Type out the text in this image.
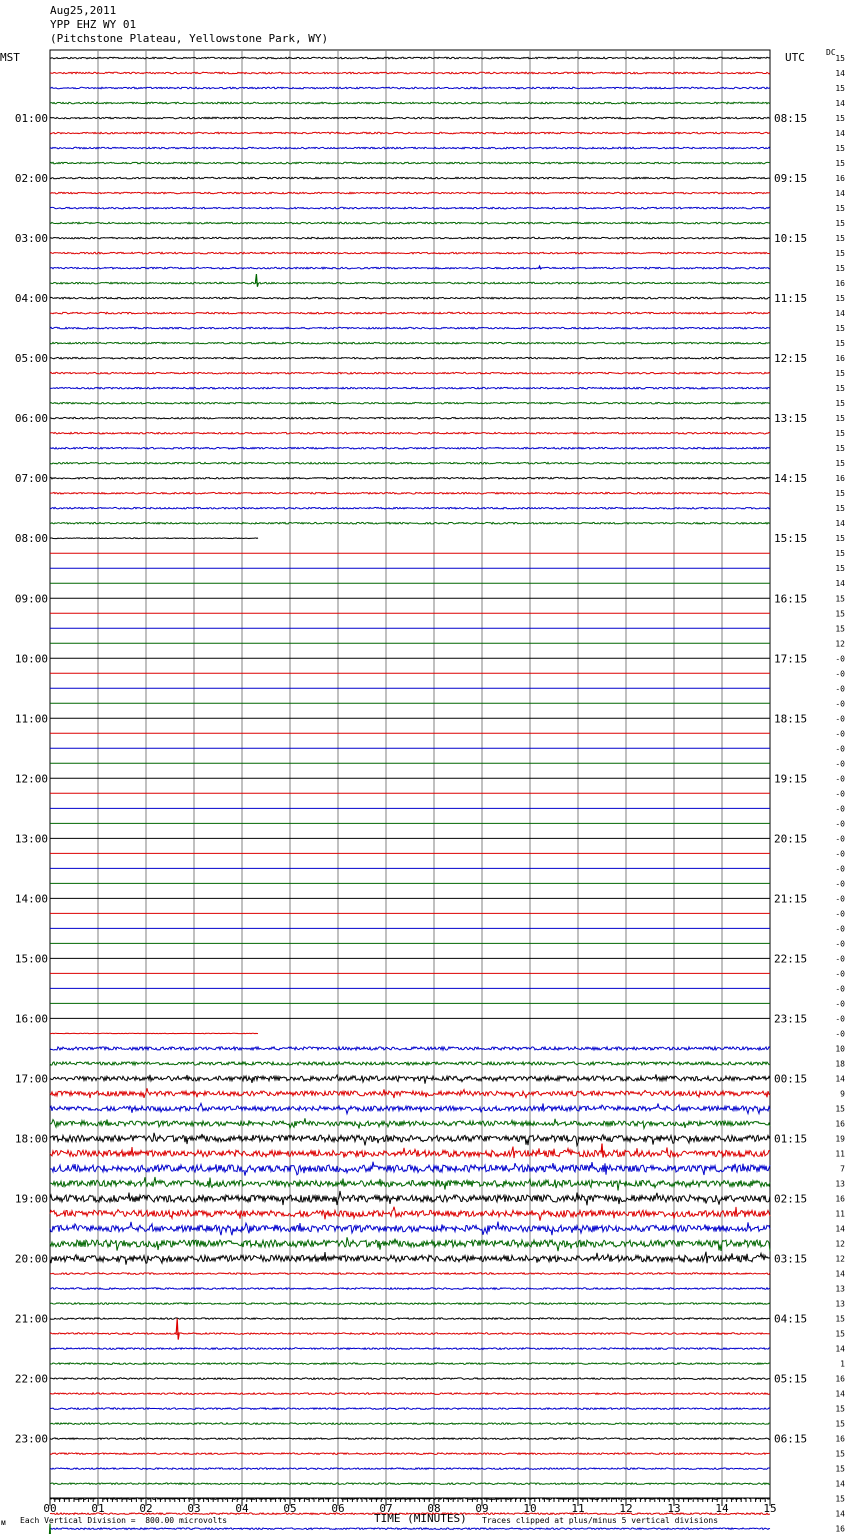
Aug25,2011
YPP EHZ WY 01
(Pitchstone Plateau, Yellowstone Park, WY)
00	01	02	03	04	05	06	07	08	09	10	11	12	13	14	15
01:00
02:00
03:00
04:00
05:00
06:00
07:00
08:00
09:00
10:00
11:00
12:00
13:00
14:00
15:00
16:00
17:00
18:00
19:00
20:00
21:00
22:00
23:00
08:15
09:15
10:15
11:15
12:15
13:15
14:15
15:15
16:15
17:15
18:15
19:15
20:15
21:15
22:15
23:15
00:15
01:15
02:15
03:15
04:15
05:15
06:15
15
14
15
14
15
14
15
15
16
14
15
15
15
15
15
16
15
14
15
15
16
15
15
15
15
15
15
15
16
15
15
14
15
15
15
14
15
15
15
12
-0
-0
-0
-0
-0
-0
-0
-0
-0
-0
-0
-0
-0
-0
-0
-0
-0
-0
-0
-0
-0
-0
-0
-0
-0
-0
10
18
14
9
15
16
19
11
7
13
16
11
14
12
12
14
13
13
15
15
14
1
16
14
15
15
16
15
15
14
15
14
16
MST	UTC	DC
ᴍ Each Vertical Division =  800.00 microvolts	TIME (MINUTES) Traces clipped at plus/minus 5 vertical divisions
